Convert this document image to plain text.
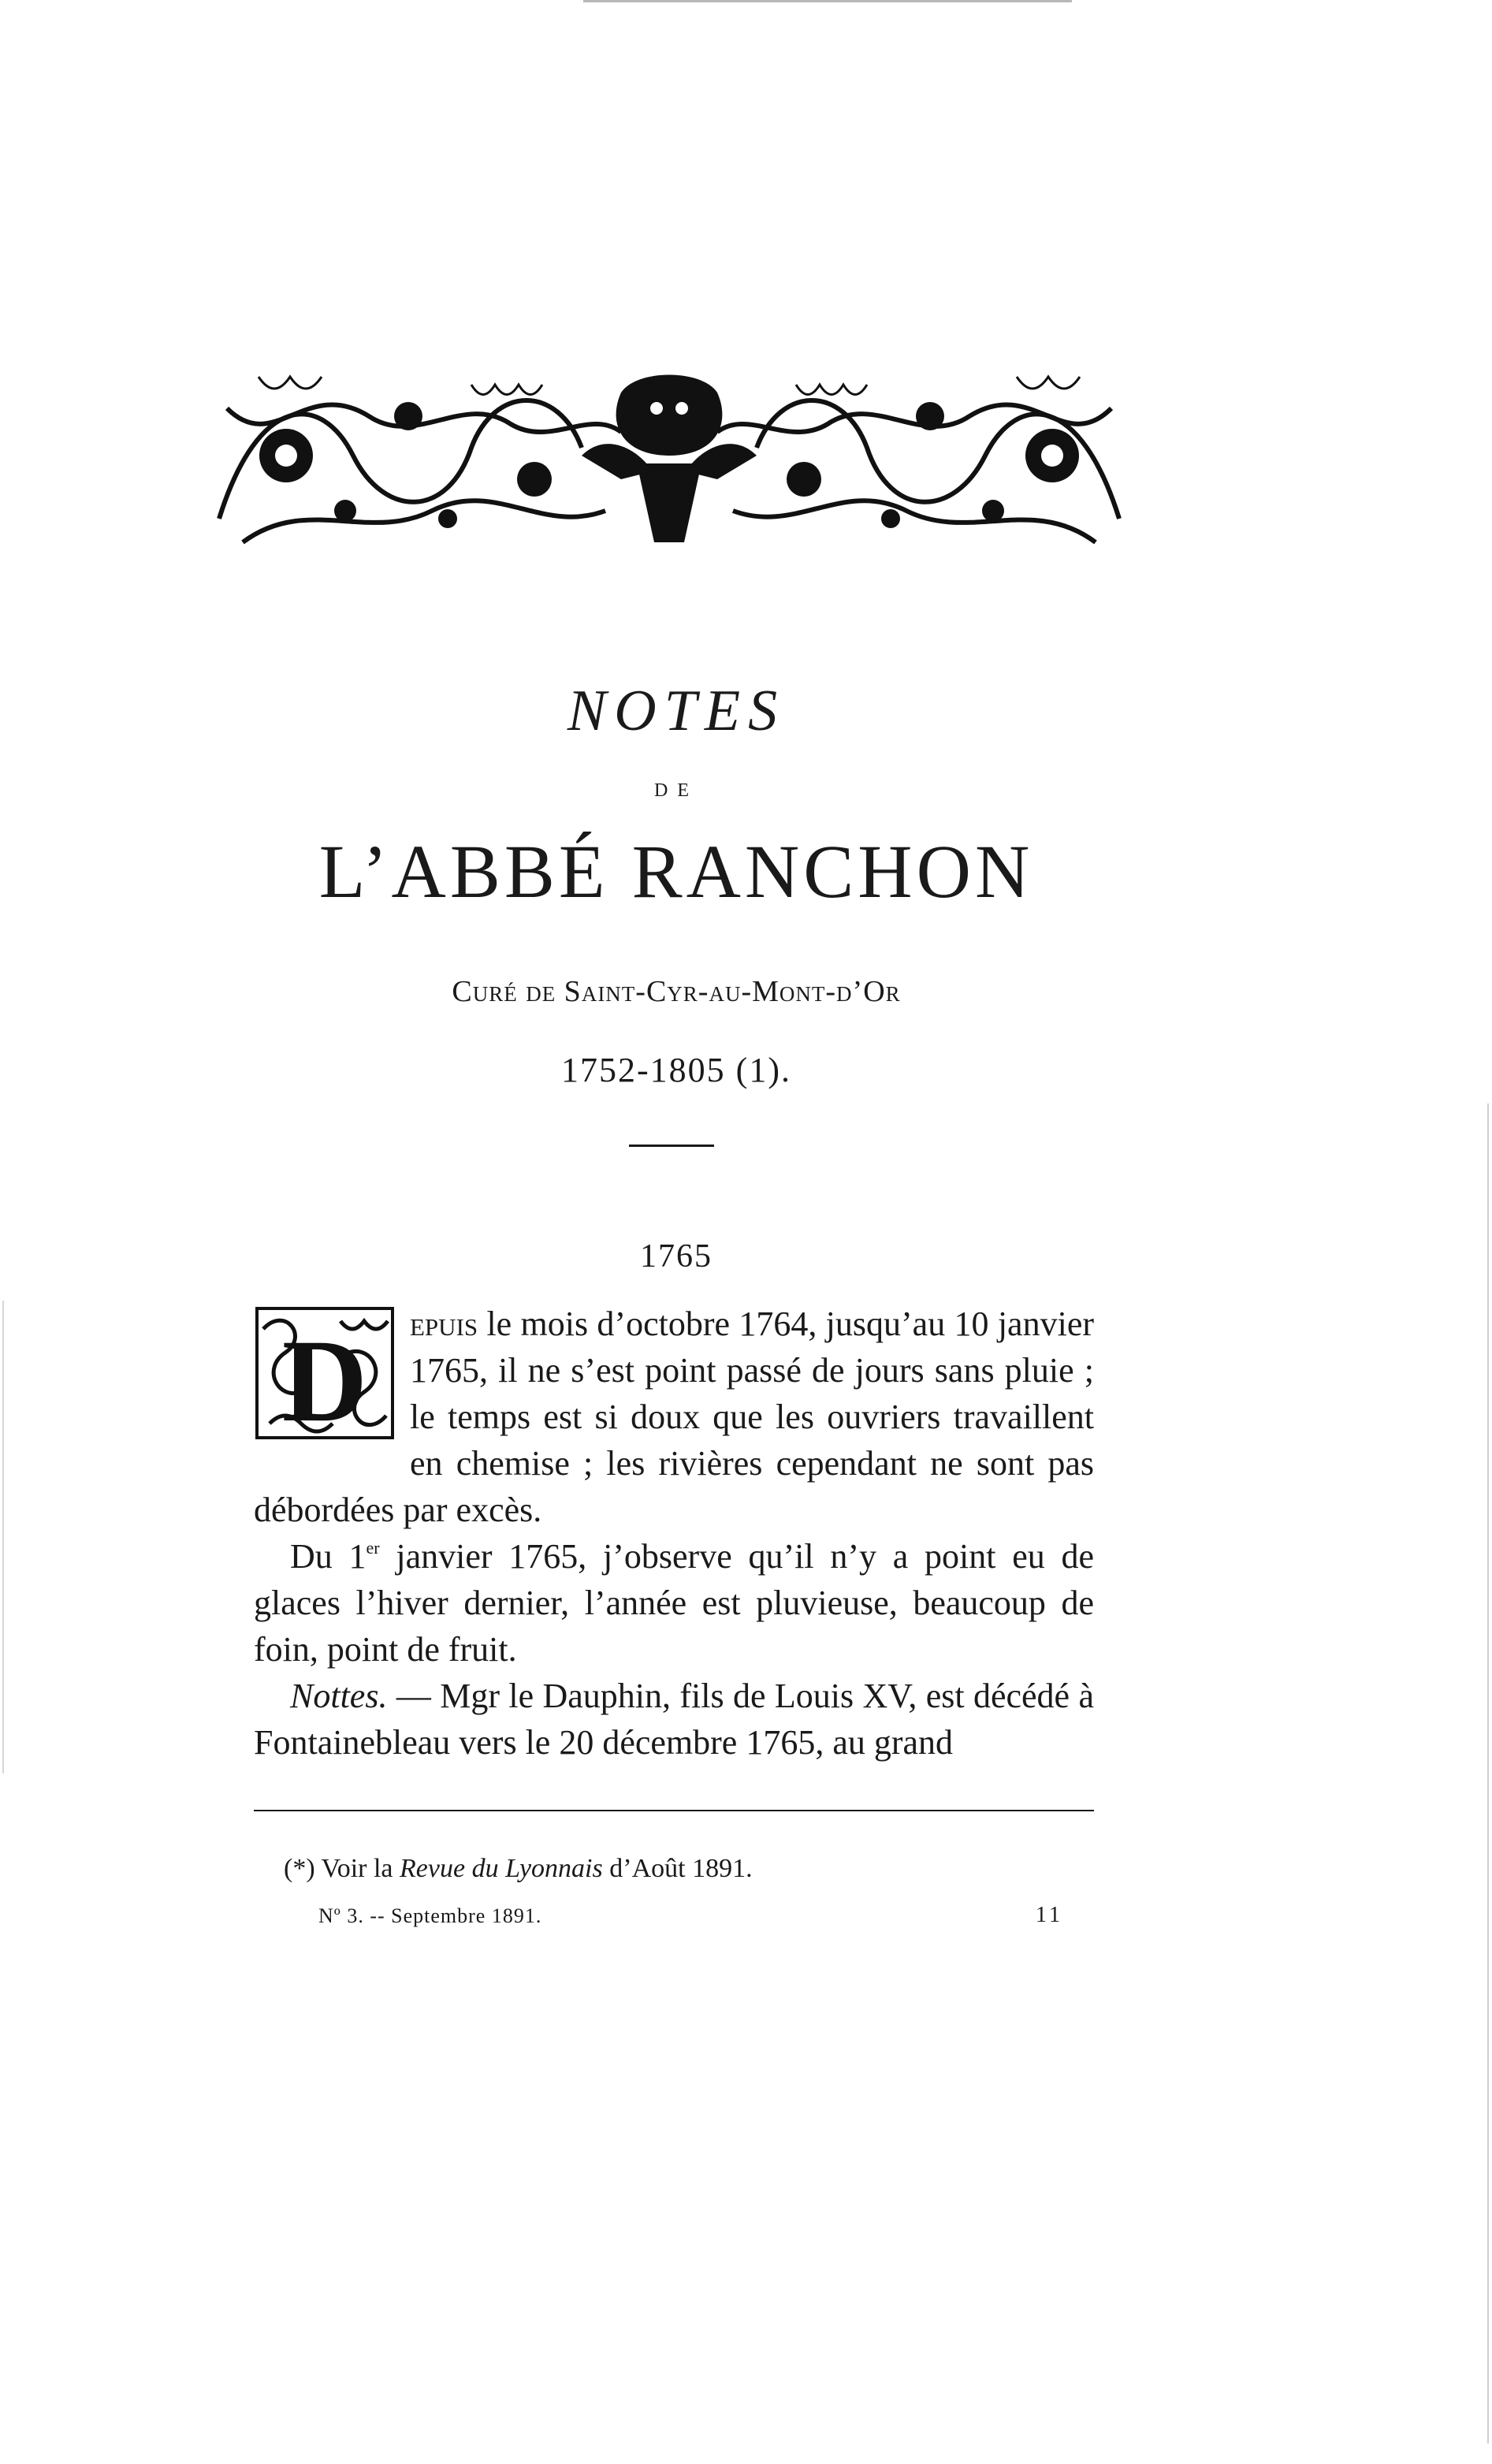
NOTES
DE
L’ABBÉ RANCHON
Curé de Saint-Cyr-au-Mont-d’Or
1752-1805 (1).
1765

D epuis le mois d’octobre 1764, jusqu’au 10 janvier 1765, il ne s’est point passé de jours sans pluie ; le temps est si doux que les ouvriers travaillent en chemise ; les rivières cependant ne sont pas débordées par excès.

Du 1er janvier 1765, j’observe qu’il n’y a point eu de glaces l’hiver dernier, l’année est pluvieuse, beaucoup de foin, point de fruit.

Nottes. — Mgr le Dauphin, fils de Louis XV, est décédé à Fontainebleau vers le 20 décembre 1765, au grand

(*) Voir la Revue du Lyonnais d’Août 1891.
Nº 3. -- Septembre 1891.	11
